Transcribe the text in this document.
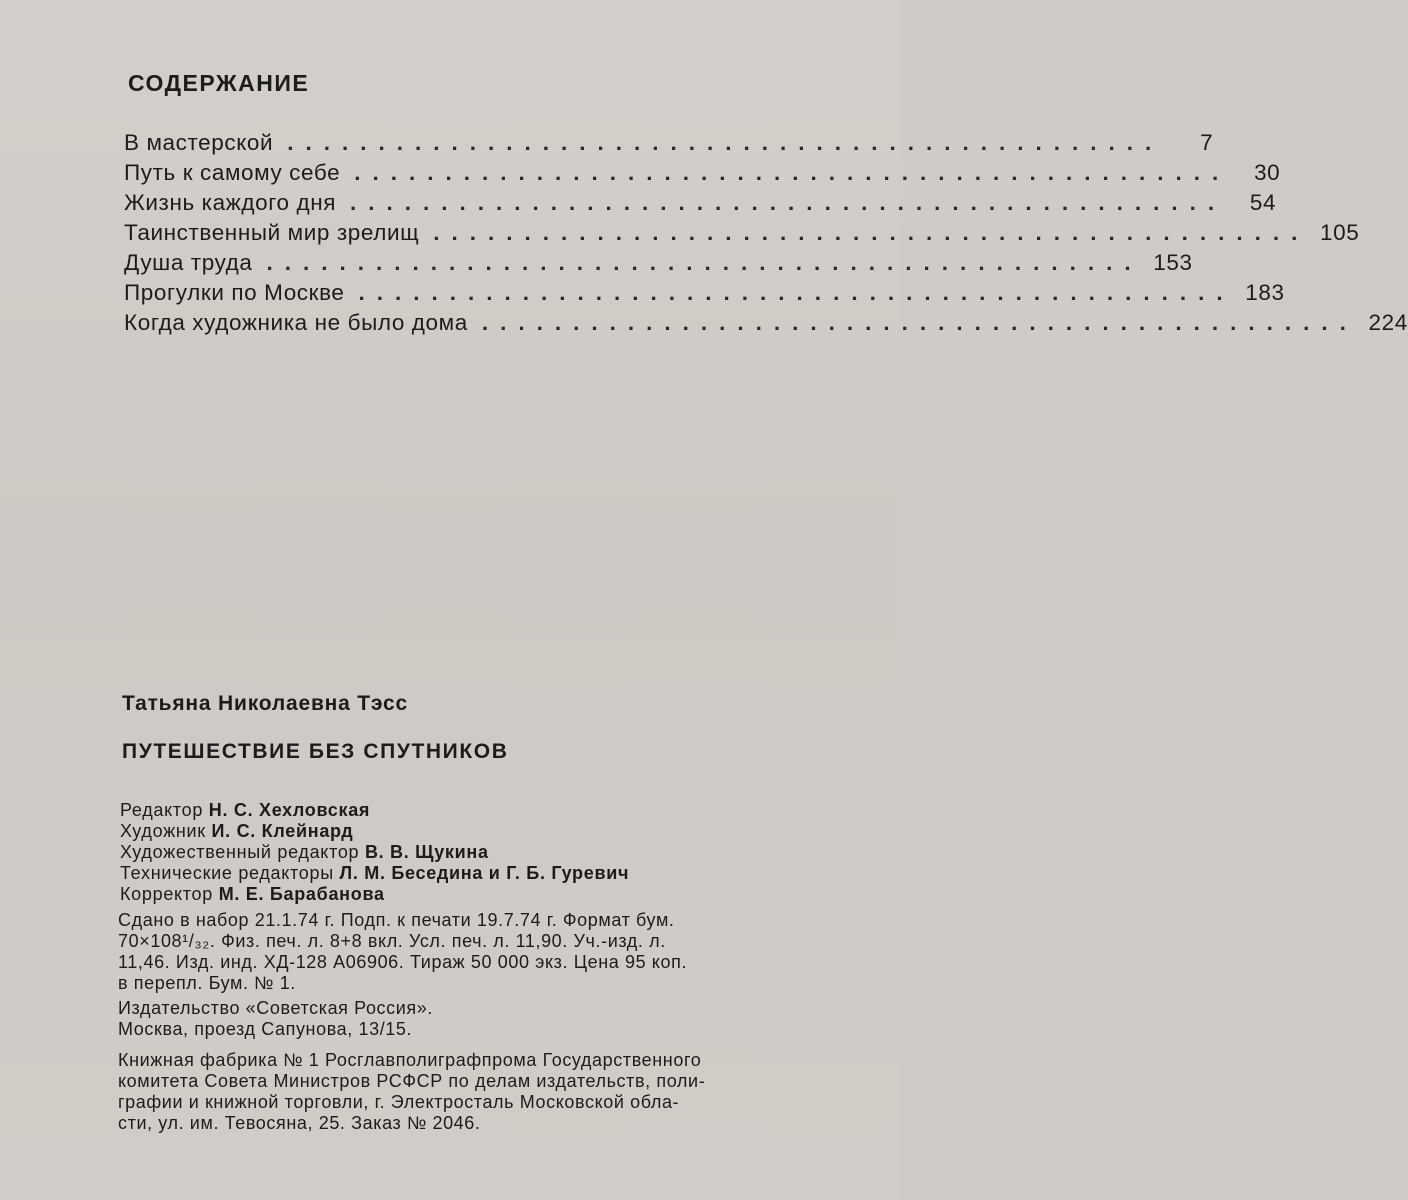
СОДЕРЖАНИЕ
В мастерской ................................................	7
Путь к самому себе ................................................	30
Жизнь каждого дня ................................................	54
Таинственный мир зрелищ ................................................ 105
Душа труда ................................................ 153
Прогулки по Москве ................................................ 183
Когда художника не было дома ................................................ 224
Татьяна Николаевна Тэсс
ПУТЕШЕСТВИЕ БЕЗ СПУТНИКОВ
Редактор Н. С. Хехловская
Художник И. С. Клейнард
Художественный редактор В. В. Щукина
Технические редакторы Л. М. Беседина и Г. Б. Гуревич
Корректор М. Е. Барабанова

Сдано в набор 21.1.74 г. Подп. к печати 19.7.74 г. Формат бум.

70×108¹/₃₂. Физ. печ. л. 8+8 вкл. Усл. печ. л. 11,90. Уч.-изд. л.

11,46. Изд. инд. ХД-128 А06906. Тираж 50 000 экз. Цена 95 коп.

в перепл. Бум. № 1.

Издательство «Советская Россия».

Москва, проезд Сапунова, 13/15.

Книжная фабрика № 1 Росглавполиграфпрома Государственного

комитета Совета Министров РСФСР по делам издательств, поли-

графии и книжной торговли, г. Электросталь Московской обла-

сти, ул. им. Тевосяна, 25. Заказ № 2046.
